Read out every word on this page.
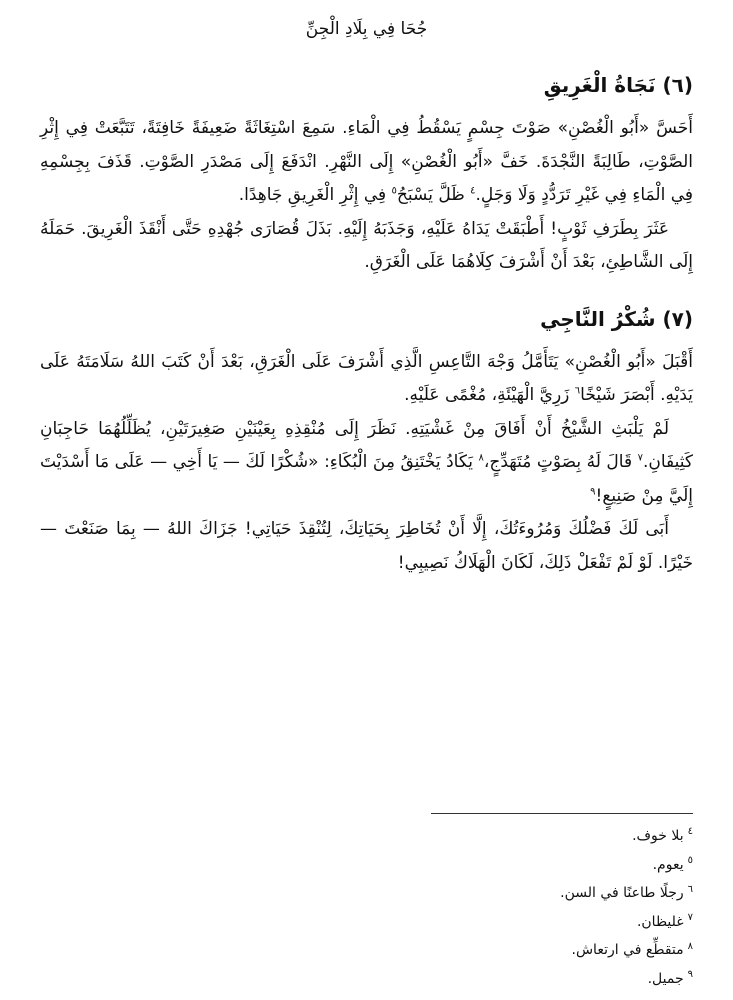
جُحَا فِي بِلَادِ الْجِنِّ
(٦) نَجَاةُ الْغَرِيقِ

أَحَسَّ «أَبُو الْغُصْنِ» صَوْتَ جِسْمٍ يَسْقُطُ فِي الْمَاءِ. سَمِعَ اسْتِغَاثَةً ضَعِيفَةً خَافِتَةً، تَتَبَّعَتْ فِي إِثْرِ الصَّوْتِ، طَالِبَةً النَّجْدَةَ. خَفَّ «أَبُو الْغُصْنِ» إِلَى النَّهْرِ. انْدَفَعَ إِلَى مَصْدَرِ الصَّوْتِ. قَذَفَ بِجِسْمِهِ فِي الْمَاءِ فِي غَيْرِ تَرَدُّدٍ وَلَا وَجَلٍ.$^٤$ ظَلَّ يَسْبَحُ$^٥$ فِي إِثْرِ الْغَرِيقِ جَاهِدًا.

عَثَرَ بِطَرَفِ ثَوْبٍ! أَطْبَقَتْ يَدَاهُ عَلَيْهِ، وَجَذَبَهُ إِلَيْهِ. بَذَلَ قُصَارَى جُهْدِهِ حَتَّى أَنْقَذَ الْغَرِيقَ. حَمَلَهُ إِلَى الشَّاطِئِ، بَعْدَ أَنْ أَشْرَفَ كِلَاهُمَا عَلَى الْغَرَقِ.

(٧) شُكْرُ النَّاجِي

أَقْبَلَ «أَبُو الْغُصْنِ» يَتَأَمَّلُ وَجْهَ التَّاعِسِ الَّذِي أَشْرَفَ عَلَى الْغَرَقِ، بَعْدَ أَنْ كَتَبَ اللهُ سَلَامَتَهُ عَلَى يَدَيْهِ. أَبْصَرَ شَيْخًا$^٦$ زَرِيَّ الْهَيْئَةِ، مُغْمًى عَلَيْهِ.

لَمْ يَلْبَثِ الشَّيْخُ أَنْ أَفَاقَ مِنْ غَشْيَتِهِ. نَظَرَ إِلَى مُنْقِذِهِ بِعَيْنَيْنِ صَغِيرَتَيْنِ، يُظَلِّلُهُمَا حَاجِبَانِ كَثِيفَانِ.$^٧$ قَالَ لَهُ بِصَوْتٍ مُتَهَدِّجٍ،$^٨$ يَكَادُ يَخْتَنِقُ مِنَ الْبُكَاءِ: «شُكْرًا لَكَ — يَا أَخِي — عَلَى مَا أَسْدَيْتَ إِلَيَّ مِنْ صَنِيعٍ!$^٩$

أَبَى لَكَ فَضْلُكَ وَمُرُوءَتُكَ، إِلَّا أَنْ تُخَاطِرَ بِحَيَاتِكَ، لِتُنْقِذَ حَيَاتِي! جَزَاكَ اللهُ — بِمَا صَنَعْتَ — خَيْرًا. لَوْ لَمْ تَفْعَلْ ذَلِكَ، لَكَانَ الْهَلَاكُ نَصِيبِي!

$^٤$بلا خوف.
$^٥$يعوم.
$^٦$رجلًا طاعنًا في السن.
$^٧$غليظان.
$^٨$متقطِّع في ارتعاش.
$^٩$جميل.
